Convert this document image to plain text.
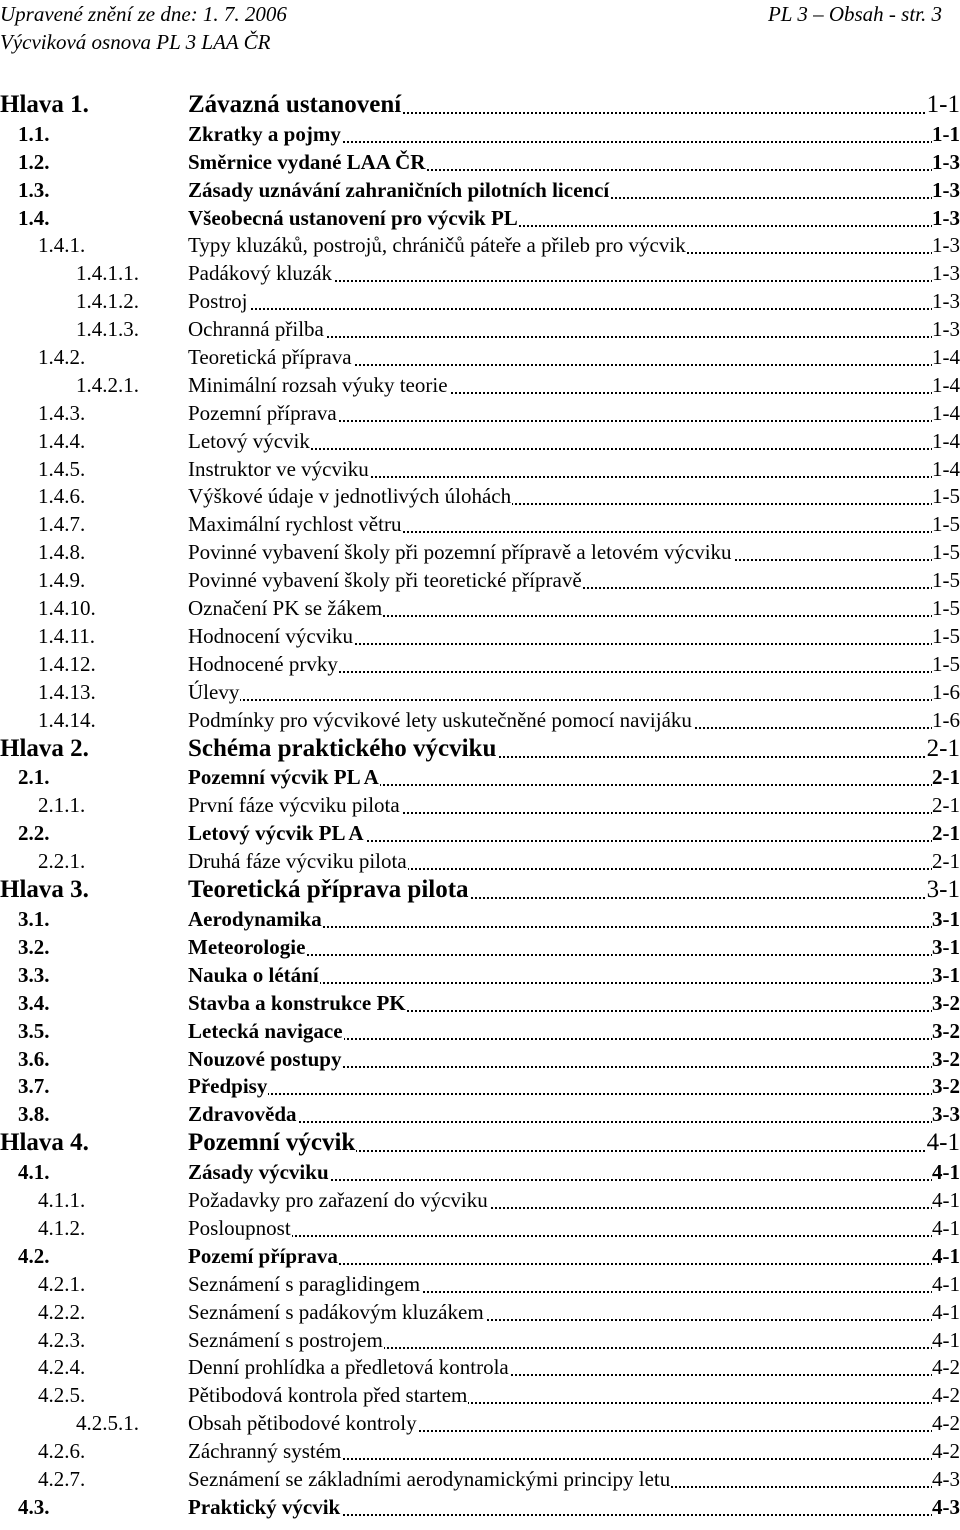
Upravené znění ze dne: 1. 7. 2006	PL 3 – Obsah - str. 3
Výcviková osnova PL 3 LAA ČR
Hlava 1.	Závazná ustanovení	1-1
1.1.	Zkratky a pojmy	1-1
1.2.	Směrnice vydané LAA ČR	1-3
1.3.	Zásady uznávání zahraničních pilotních licencí	1-3
1.4.	Všeobecná ustanovení pro výcvik PL	1-3
1.4.1.	Typy kluzáků, postrojů, chráničů páteře a přileb pro výcvik	1-3
1.4.1.1. Padákový kluzák	1-3
1.4.1.2. Postroj	1-3
1.4.1.3. Ochranná přilba	1-3
1.4.2.	Teoretická příprava	1-4
1.4.2.1. Minimální rozsah výuky teorie	1-4
1.4.3.	Pozemní příprava	1-4
1.4.4.	Letový výcvik	1-4
1.4.5.	Instruktor ve výcviku	1-4
1.4.6.	Výškové údaje v jednotlivých úlohách	1-5
1.4.7.	Maximální rychlost větru	1-5
1.4.8.	Povinné vybavení školy při pozemní přípravě a letovém výcviku	1-5
1.4.9.	Povinné vybavení školy při teoretické přípravě	1-5
1.4.10.	Označení PK se žákem	1-5
1.4.11.	Hodnocení výcviku	1-5
1.4.12.	Hodnocené prvky	1-5
1.4.13.	Úlevy	1-6
1.4.14.	Podmínky pro výcvikové lety uskutečněné pomocí navijáku	1-6
Hlava 2.	Schéma praktického výcviku	2-1
2.1.	Pozemní výcvik PL A	2-1
2.1.1.	První fáze výcviku pilota	2-1
2.2.	Letový výcvik PL A	2-1
2.2.1.	Druhá fáze výcviku pilota	2-1
Hlava 3.	Teoretická příprava pilota	3-1
3.1.	Aerodynamika	3-1
3.2.	Meteorologie	3-1
3.3.	Nauka o létání	3-1
3.4.	Stavba a konstrukce PK	3-2
3.5.	Letecká navigace	3-2
3.6.	Nouzové postupy	3-2
3.7.	Předpisy	3-2
3.8.	Zdravověda	3-3
Hlava 4.	Pozemní výcvik	4-1
4.1.	Zásady výcviku	4-1
4.1.1.	Požadavky pro zařazení do výcviku	4-1
4.1.2.	Posloupnost	4-1
4.2.	Pozemí příprava	4-1
4.2.1.	Seznámení s paraglidingem	4-1
4.2.2.	Seznámení s padákovým kluzákem	4-1
4.2.3.	Seznámení s postrojem	4-1
4.2.4.	Denní prohlídka a předletová kontrola	4-2
4.2.5.	Pětibodová kontrola před startem	4-2
4.2.5.1. Obsah pětibodové kontroly	4-2
4.2.6.	Záchranný systém	4-2
4.2.7.	Seznámení se základními aerodynamickými principy letu	4-3
4.3.	Praktický výcvik	4-3
